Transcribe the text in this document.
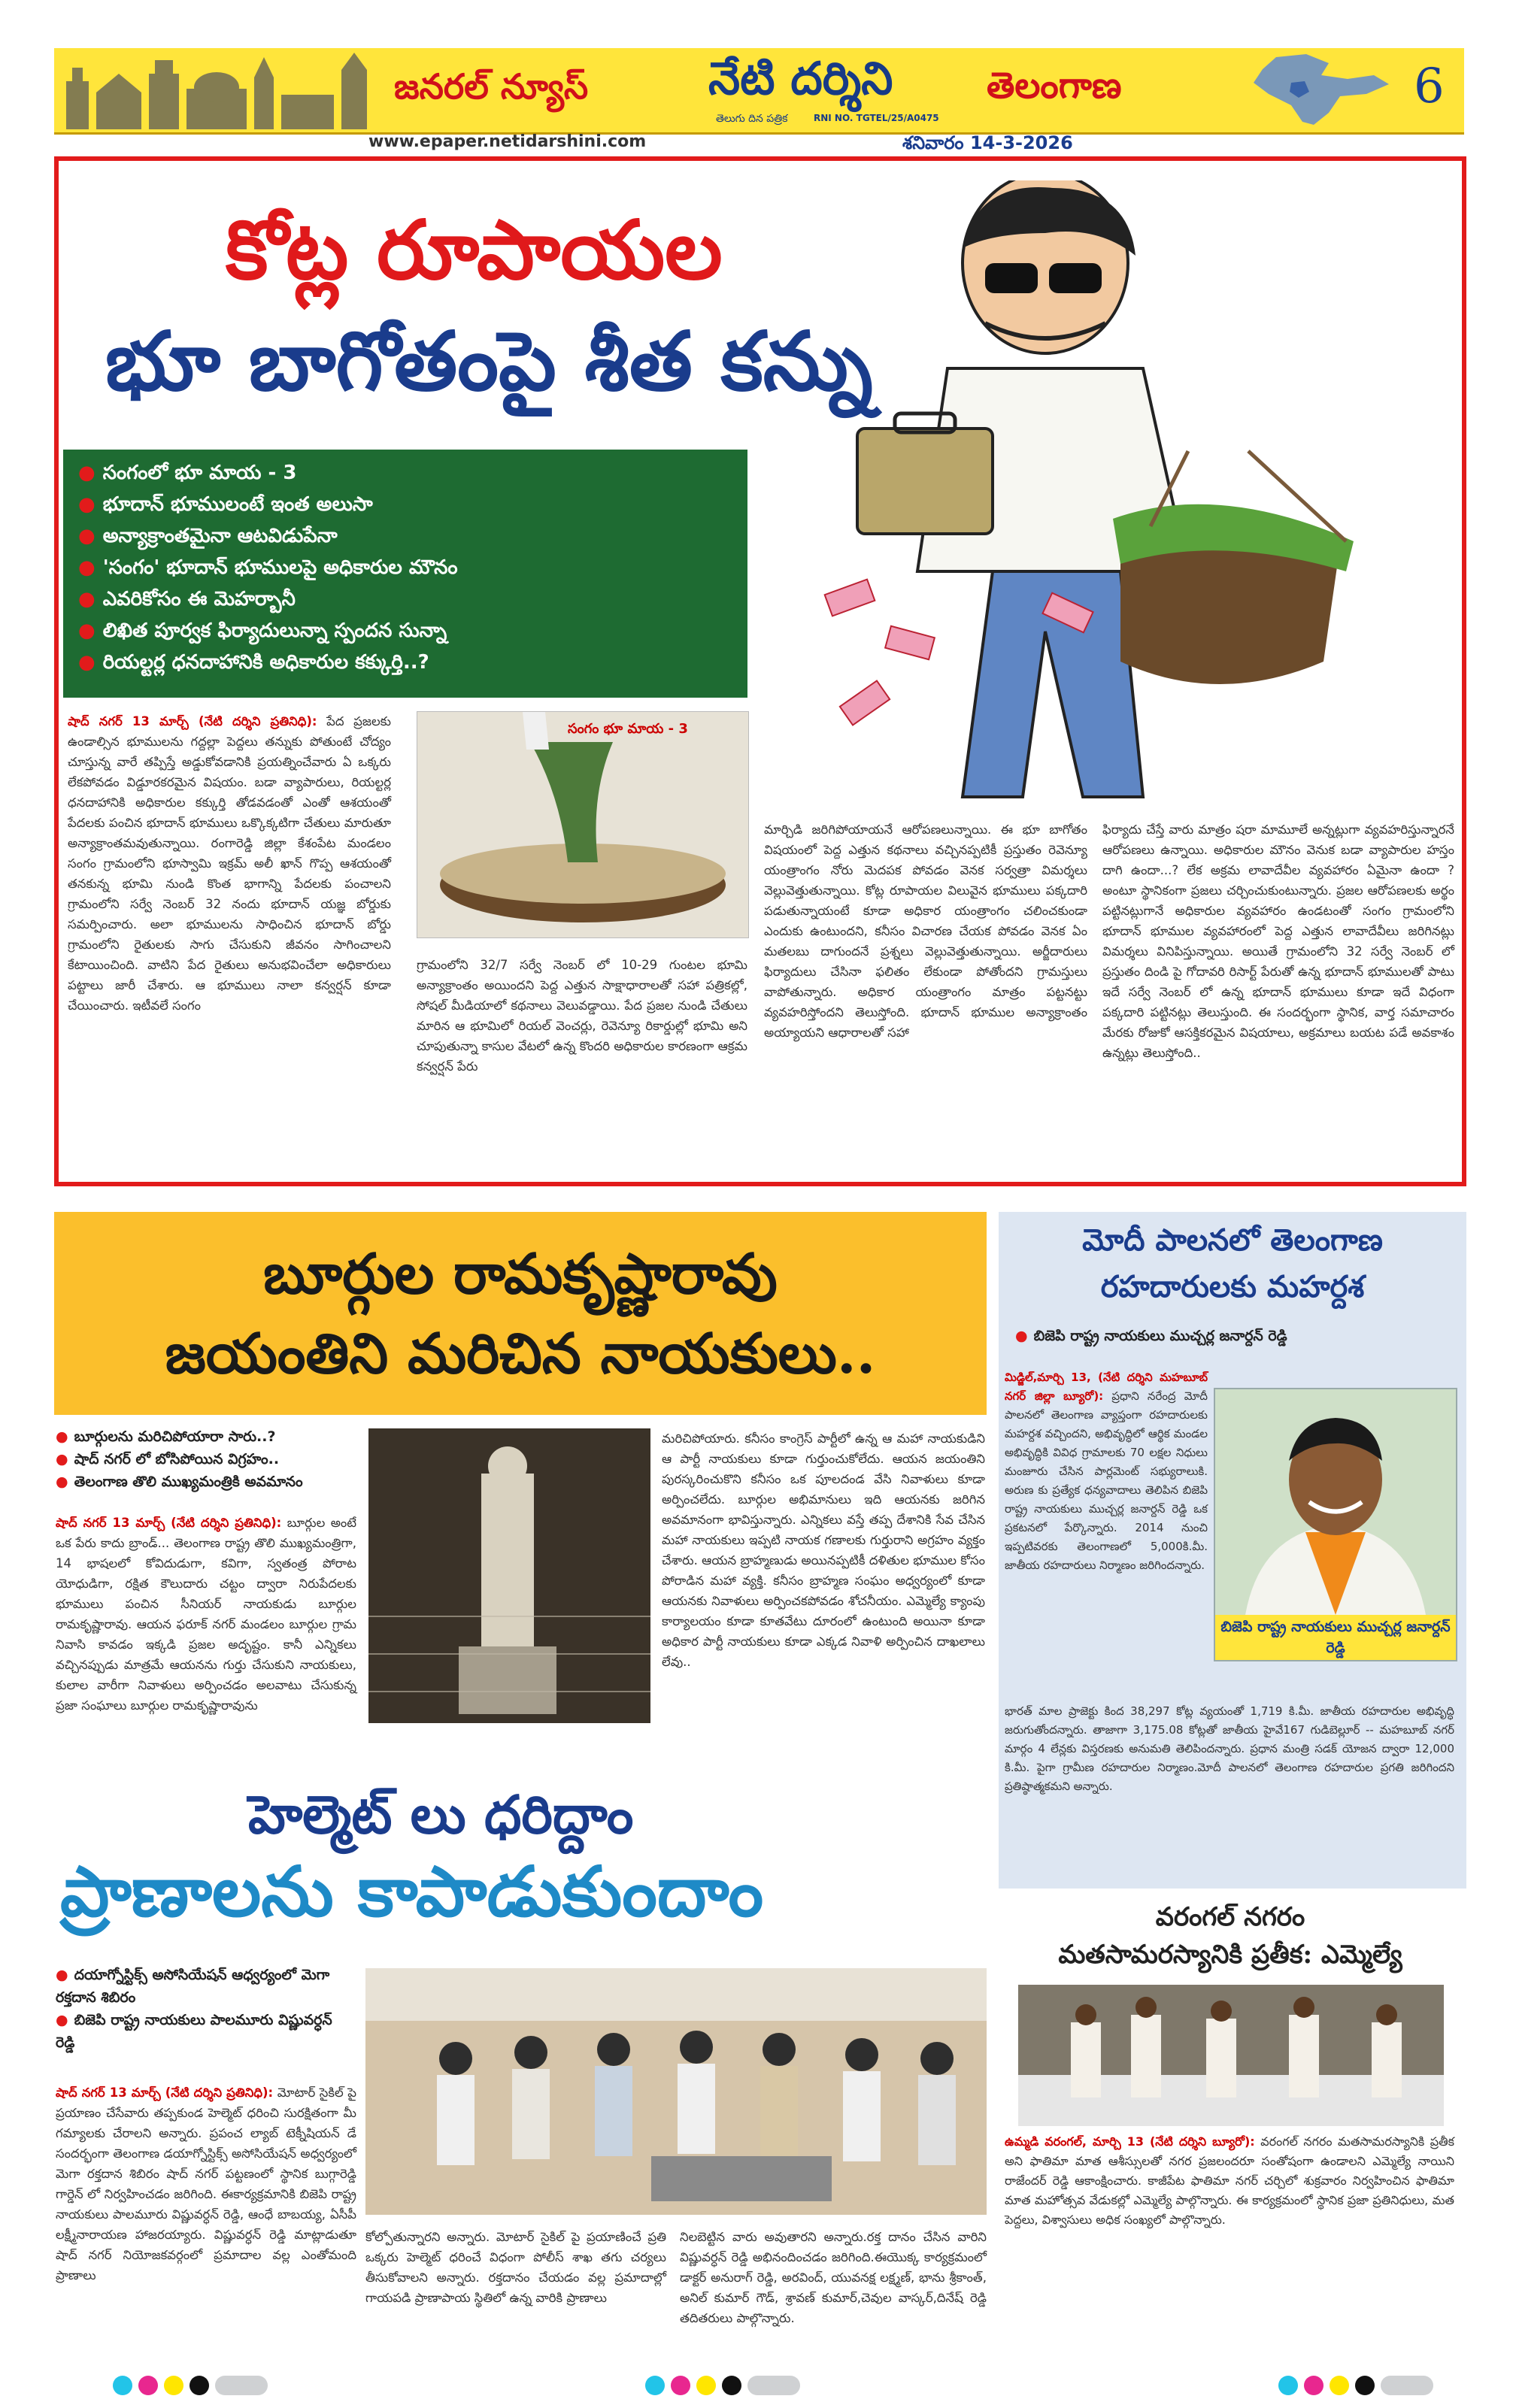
జనరల్ న్యూస్	నేటి దర్శిని
తెలుగు దిన పత్రిక	RNI NO. TGTEL/25/A0475
తెలంగాణ	6
www.epaper.netidarshini.com	శనివారం 14-3-2026
కోట్ల రూపాయల
భూ బాగోతంపై శీత కన్ను
● సంగంలో భూ మాయ - 3
● భూదాన్ భూములంటే ఇంత అలుసా
● అన్యాక్రాంతమైనా ఆటవిడుపేనా
● 'సంగం' భూదాన్ భూములపై అధికారుల మౌనం
● ఎవరికోసం ఈ మెహర్బానీ
● లిఖిత పూర్వక ఫిర్యాదులున్నా స్పందన సున్నా
● రియల్టర్ల ధనదాహానికి అధికారుల కక్కుర్తి..?

షాద్ నగర్ 13 మార్చ్ (నేటి దర్శిని ప్రతినిధి): పేద ప్రజలకు ఉండాల్సిన భూములను గద్దల్లా పెద్దలు తన్నుకు పోతుంటే చోద్యం చూస్తున్న వారే తప్పిస్తే అడ్డుకోవడానికి ప్రయత్నించేవారు ఏ ఒక్కరు లేకపోవడం విడ్డూరకరమైన విషయం. బడా వ్యాపారులు, రియల్టర్ల ధనదాహానికి అధికారుల కక్కుర్తి తోడవడంతో ఎంతో ఆశయంతో పేదలకు పంచిన భూదాన్ భూములు ఒక్కొక్కటిగా చేతులు మారుతూ అన్యాక్రాంతమవుతున్నాయి. రంగారెడ్డి జిల్లా కేశంపేట మండలం సంగం గ్రామంలోని భూస్వామి ఇక్రమ్ అలీ ఖాన్ గొప్ప ఆశయంతో తనకున్న భూమి నుండి కొంత భాగాన్ని పేదలకు పంచాలని గ్రామంలోని సర్వే నెంబర్ 32 నందు భూదాన్ యజ్ఞ బోర్డుకు సమర్పించారు. అలా భూములను సాధించిన భూదాన్ బోర్డు గ్రామంలోని రైతులకు సాగు చేసుకుని జీవనం సాగించాలని కేటాయించింది. వాటిని పేద రైతులు అనుభవించేలా అధికారులు పట్టాలు జారీ చేశారు. ఆ భూములు నాలా కన్వర్షన్ కూడా చేయించారు. ఇటీవలే సంగం

సంగం భూ మాయ - 3

గ్రామంలోని 32/7 సర్వే నెంబర్ లో 10-29 గుంటల భూమి అన్యాక్రాంతం అయిందని పెద్ద ఎత్తున సాక్షాధారాలతో సహా పత్రికల్లో, సోషల్ మీడియాలో కథనాలు వెలువడ్డాయి. పేద ప్రజల నుండి చేతులు మారిన ఆ భూమిలో రియల్ వెంచర్లు, రెవెన్యూ రికార్డుల్లో భూమి అని చూపుతున్నా కాసుల వేటలో ఉన్న కొందరి అధికారుల కారణంగా ఆక్రమ కన్వర్షన్ పేరు

మార్చిడి జరిగిపోయాయనే ఆరోపణలున్నాయి. ఈ భూ బాగోతం విషయంలో పెద్ద ఎత్తున కథనాలు వచ్చినప్పటికీ ప్రస్తుతం రెవెన్యూ యంత్రాంగం నోరు మెదపక పోవడం వెనక సర్వత్రా విమర్శలు వెల్లువెత్తుతున్నాయి. కోట్ల రూపాయల విలువైన భూములు పక్కదారి పడుతున్నాయంటే కూడా అధికార యంత్రాంగం చలించకుండా ఎందుకు ఉంటుందని, కనీసం విచారణ చేయక పోవడం వెనక ఏం మతలబు దాగుందనే ప్రశ్నలు వెల్లువెత్తుతున్నాయి. అర్జీదారులు ఫిర్యాదులు చేసినా ఫలితం లేకుండా పోతోందని గ్రామస్తులు వాపోతున్నారు. అధికార యంత్రాంగం మాత్రం పట్టనట్టు వ్యవహరిస్తోందని తెలుస్తోంది. భూదాన్ భూముల అన్యాక్రాంతం అయ్యాయని ఆధారాలతో సహా

ఫిర్యాదు చేస్తే వారు మాత్రం షరా మామూలే అన్నట్లుగా వ్యవహరిస్తున్నారనే ఆరోపణలు ఉన్నాయి. అధికారుల మౌనం వెనుక బడా వ్యాపారుల హస్తం దాగి ఉందా...? లేక అక్రమ లావాదేవీల వ్యవహారం ఏమైనా ఉందా ? అంటూ స్థానికంగా ప్రజలు చర్చించుకుంటున్నారు. ప్రజల ఆరోపణలకు అర్థం పట్టినట్లుగానే అధికారుల వ్యవహారం ఉండటంతో సంగం గ్రామంలోని భూదాన్ భూముల వ్యవహారంలో పెద్ద ఎత్తున లావాదేవీలు జరిగినట్లు విమర్శలు వినిపిస్తున్నాయి. అయితే గ్రామంలోని 32 సర్వే నెంబర్ లో ప్రస్తుతం దిండి పై గోదావరి రిసార్ట్ పేరుతో ఉన్న భూదాన్ భూములతో పాటు ఇదే సర్వే నెంబర్ లో ఉన్న భూదాన్ భూములు కూడా ఇదే విధంగా పక్కదారి పట్టినట్లు తెలుస్తుంది. ఈ సందర్భంగా స్థానిక, వార్త సమాచారం మేరకు రోజుకో ఆసక్తికరమైన విషయాలు, అక్రమాలు బయట పడే అవకాశం ఉన్నట్లు తెలుస్తోంది..

బూర్గుల రామకృష్ణారావు
జయంతిని మరిచిన నాయకులు..
● బూర్గులను మరిచిపోయారా సారు..?
● షాద్ నగర్ లో బోసిపోయిన విగ్రహం..
● తెలంగాణ తొలి ముఖ్యమంత్రికి అవమానం

షాద్ నగర్ 13 మార్చ్ (నేటి దర్శిని ప్రతినిధి): బూర్గుల అంటే ఒక పేరు కాదు బ్రాండ్... తెలంగాణ రాష్ట్ర తొలి ముఖ్యమంత్రిగా, 14 భాషలలో కోవిదుడుగా, కవిగా, స్వతంత్ర పోరాట యోధుడిగా, రక్షిత కౌలుదారు చట్టం ద్వారా నిరుపేదలకు భూములు పంచిన సీనియర్ నాయకుడు బూర్గుల రామకృష్ణారావు. ఆయన ఫరూక్ నగర్ మండలం బూర్గుల గ్రామ నివాసి కావడం ఇక్కడి ప్రజల అదృష్టం. కానీ ఎన్నికలు వచ్చినప్పుడు మాత్రమే ఆయనను గుర్తు చేసుకుని నాయకులు, కులాల వారీగా నివాళులు అర్పించడం అలవాటు చేసుకున్న ప్రజా సంఘాలు బూర్గుల రామకృష్ణారావును

మరిచిపోయారు. కనీసం కాంగ్రెస్ పార్టీలో ఉన్న ఆ మహా నాయకుడిని ఆ పార్టీ నాయకులు కూడా గుర్తుంచుకోలేదు. ఆయన జయంతిని పురస్కరించుకొని కనీసం ఒక పూలదండ వేసి నివాళులు కూడా అర్పించలేదు. బూర్గుల అభిమానులు ఇది ఆయనకు జరిగిన అవమానంగా భావిస్తున్నారు. ఎన్నికలు వస్తే తప్ప దేశానికి సేవ చేసిన మహా నాయకులు ఇప్పటి నాయక గణాలకు గుర్తురాని అగ్రహం వ్యక్తం చేశారు. ఆయన బ్రాహ్మణుడు అయినప్పటికీ దళితుల భూముల కోసం పోరాడిన మహా వ్యక్తి. కనీసం బ్రాహ్మణ సంఘం అధ్వర్యంలో కూడా ఆయనకు నివాళులు అర్పించకపోవడం శోచనీయం. ఎమ్మెల్యే క్యాంపు కార్యాలయం కూడా కూతవేటు దూరంలో ఉంటుంది అయినా కూడా అధికార పార్టీ నాయకులు కూడా ఎక్కడ నివాళి అర్పించిన దాఖలాలు లేవు..

మోదీ పాలనలో తెలంగాణ
రహదారులకు మహర్దశ
● బిజెపి రాష్ట్ర నాయకులు ముచ్చర్ల జనార్దన్ రెడ్డి

మిడ్జిల్,మార్చి 13, (నేటి దర్శిని మహబూబ్ నగర్ జిల్లా బ్యూరో): ప్రధాని నరేంద్ర మోదీ పాలనలో తెలంగాణ వ్యాప్తంగా రహదారులకు మహర్దశ వచ్చిందని, అభివృద్ధిలో ఆర్థిక మండల అభివృద్ధికి వివిధ గ్రామాలకు 70 లక్షల నిధులు మంజూరు చేసిన పార్లమెంట్ సభ్యురాలుకి. అరుణ కు ప్రత్యేక ధన్యవాదాలు తెలిపిన బిజెపి రాష్ట్ర నాయకులు ముచ్చర్ల జనార్దన్ రెడ్డి ఒక ప్రకటనలో పేర్కొన్నారు. 2014 నుంచి ఇప్పటివరకు తెలంగాణలో 5,000కి.మీ. జాతీయ రహదారులు నిర్మాణం జరిగిందన్నారు.

బిజెపి రాష్ట్ర నాయకులు ముచ్చర్ల జనార్దన్ రెడ్డి

భారత్ మాల ప్రాజెక్టు కింద 38,297 కోట్ల వ్యయంతో 1,719 కి.మీ. జాతీయ రహదారుల అభివృద్ధి జరుగుతోందన్నారు. తాజాగా 3,175.08 కోట్లతో జాతీయ హైవే167 గుడిబెల్లూర్ -- మహబూబ్ నగర్ మార్గం 4 లేన్లకు విస్తరణకు అనుమతి తెలిపిందన్నారు. ప్రధాన మంత్రి సడక్ యోజన ద్వారా 12,000 కి.మీ. పైగా గ్రామీణ రహదారుల నిర్మాణం.మోదీ పాలనలో తెలంగాణ రహదారుల ప్రగతి జరిగిందని ప్రతిష్ఠాత్మకమని అన్నారు.

హెల్మెట్ లు ధరిద్దాం
ప్రాణాలను కాపాడుకుందాం
● దయాగ్నోస్టిక్స్ అసోసియేషన్ ఆధ్వర్యంలో మెగా రక్తదాన శిబిరం
● బిజెపి రాష్ట్ర నాయకులు పాలమూరు విష్ణువర్ధన్ రెడ్డి

షాద్ నగర్ 13 మార్చ్ (నేటి దర్శిని ప్రతినిధి): మోటార్ సైకిల్ పై ప్రయాణం చేసేవారు తప్పకుండ హెల్మెట్ ధరించి సురక్షితంగా మీ గమ్యాలకు చేరాలని అన్నారు. ప్రపంచ ల్యాబ్ టెక్నీషియన్ డే సందర్భంగా తెలంగాణ డయాగ్నోస్టిక్స్ అసోసియేషన్ అధ్వర్యంలో మెగా రక్తదాన శిబిరం షాద్ నగర్ పట్టణంలో స్థానిక బుగ్గారెడ్డి గార్డెన్ లో నిర్వహించడం జరిగింది. ఈకార్యక్రమానికి బిజెపి రాష్ట్ర నాయకులు పాలమూరు విష్ణువర్ధన్ రెడ్డి, ఆంధే బాబయ్య, ఏసీపీ లక్ష్మీనారాయణ హాజరయ్యారు. విష్ణువర్ధన్ రెడ్డి మాట్లాడుతూ షాద్ నగర్ నియోజకవర్గంలో ప్రమాదాల వల్ల ఎంతోమంది ప్రాణాలు

కోల్పోతున్నారని అన్నారు. మోటార్ సైకిల్ పై ప్రయాణించే ప్రతి ఒక్కరు హెల్మెట్ ధరించే విధంగా పోలీస్ శాఖ తగు చర్యలు తీసుకోవాలని అన్నారు. రక్తదానం చేయడం వల్ల ప్రమాదాల్లో గాయపడి ప్రాణాపాయ స్థితిలో ఉన్న వారికి ప్రాణాలు

నిలబెట్టిన వారు అవుతారని అన్నారు.రక్త దానం చేసిన వారిని విష్ణువర్ధన్ రెడ్డి అభినందించడం జరిగింది.ఈయొక్క కార్యక్రమంలో డాక్టర్ అనురాగ్ రెడ్డి, అరవింద్, యువనక్ష లక్ష్మణ్, భాను శ్రీకాంత్, అనిల్ కుమార్ గౌడ్, శ్రావణ్ కుమార్,చెవుల వాస్కర్,దినేష్ రెడ్డి తదితరులు పాల్గొన్నారు.

వరంగల్ నగరం
మతసామరస్యానికి ప్రతీక: ఎమ్మెల్యే

ఉమ్మడి వరంగల్, మార్చి 13 (నేటి దర్శిని బ్యూరో): వరంగల్ నగరం మతసామరస్యానికి ప్రతీక అని ఫాతిమా మాత ఆశీస్సులతో నగర ప్రజలందరూ సంతోషంగా ఉండాలని ఎమ్మెల్యే నాయిని రాజేందర్ రెడ్డి ఆకాంక్షించారు. కాజీపేట ఫాతిమా నగర్ చర్చిలో శుక్రవారం నిర్వహించిన ఫాతిమా మాత మహోత్సవ వేడుకల్లో ఎమ్మెల్యే పాల్గొన్నారు. ఈ కార్యక్రమంలో స్థానిక ప్రజా ప్రతినిధులు, మత పెద్దలు, విశ్వాసులు అధిక సంఖ్యలో పాల్గొన్నారు.
